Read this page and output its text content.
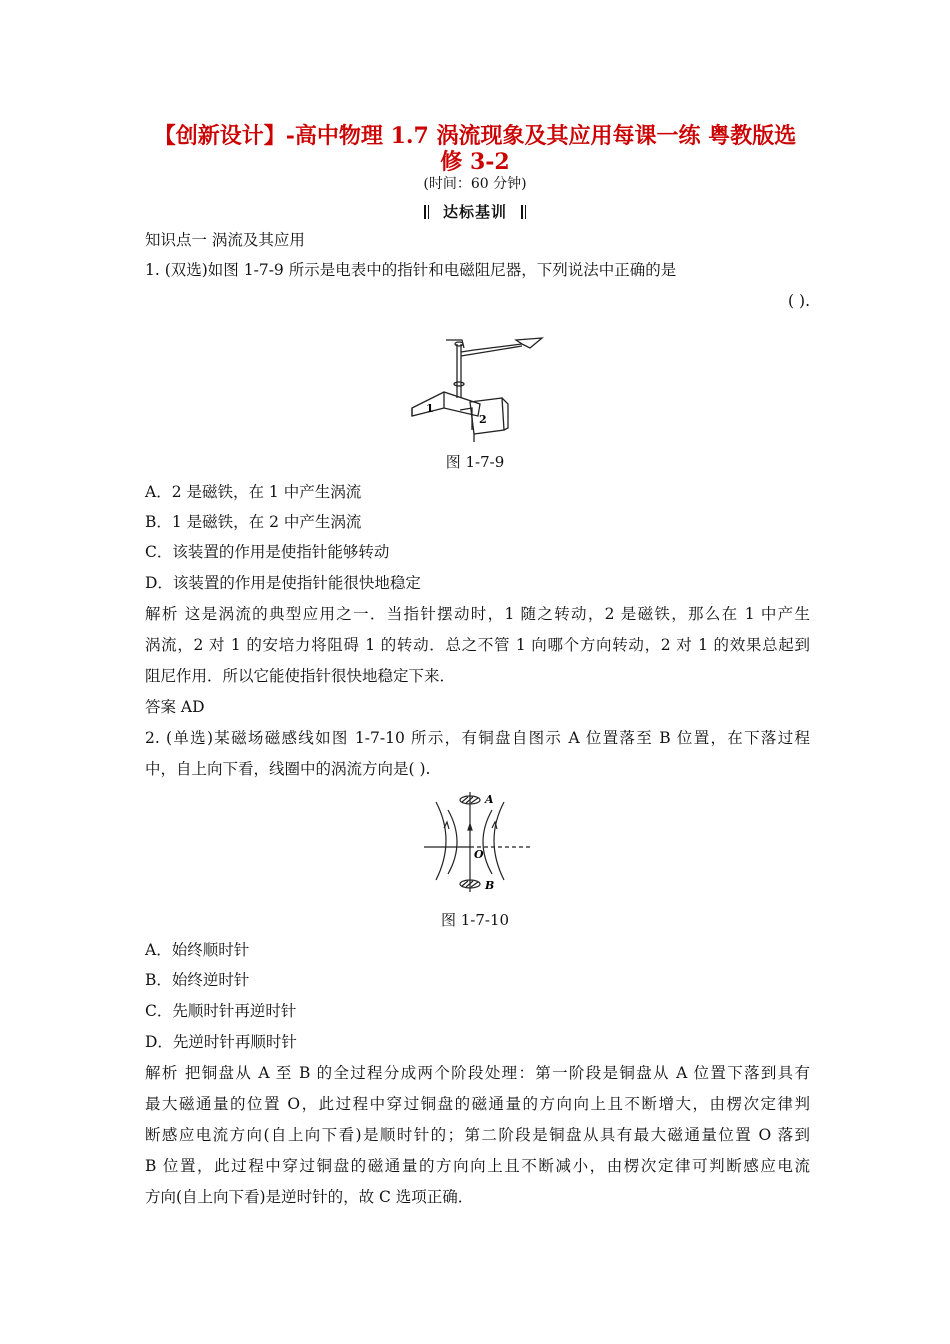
【创新设计】-高中物理 1.7 涡流现象及其应用每课一练 粤教版选
修 3-2
(时间：60 分钟)
达标基训
知识点一 涡流及其应用
1. (双选)如图 1-7-9 所示是电表中的指针和电磁阻尼器，下列说法中正确的是
( ).
1
2
图 1-7-9
A．2 是磁铁，在 1 中产生涡流
B．1 是磁铁，在 2 中产生涡流
C．该装置的作用是使指针能够转动
D．该装置的作用是使指针能很快地稳定
解析 这是涡流的典型应用之一．当指针摆动时，1 随之转动，2 是磁铁，那么在 1 中产生
涡流，2 对 1 的安培力将阻碍 1 的转动．总之不管 1 向哪个方向转动，2 对 1 的效果总起到
阻尼作用．所以它能使指针很快地稳定下来．
答案 AD
2. (单选)某磁场磁感线如图 1-7-10 所示，有铜盘自图示 A 位置落至 B 位置，在下落过程
中，自上向下看，线圈中的涡流方向是( ).
A
O
B
图 1-7-10
A．始终顺时针
B．始终逆时针
C．先顺时针再逆时针
D．先逆时针再顺时针
解析 把铜盘从 A 至 B 的全过程分成两个阶段处理：第一阶段是铜盘从 A 位置下落到具有
最大磁通量的位置 O，此过程中穿过铜盘的磁通量的方向向上且不断增大，由楞次定律判
断感应电流方向(自上向下看)是顺时针的；第二阶段是铜盘从具有最大磁通量位置 O 落到
B 位置，此过程中穿过铜盘的磁通量的方向向上且不断减小，由楞次定律可判断感应电流
方向(自上向下看)是逆时针的，故 C 选项正确．
